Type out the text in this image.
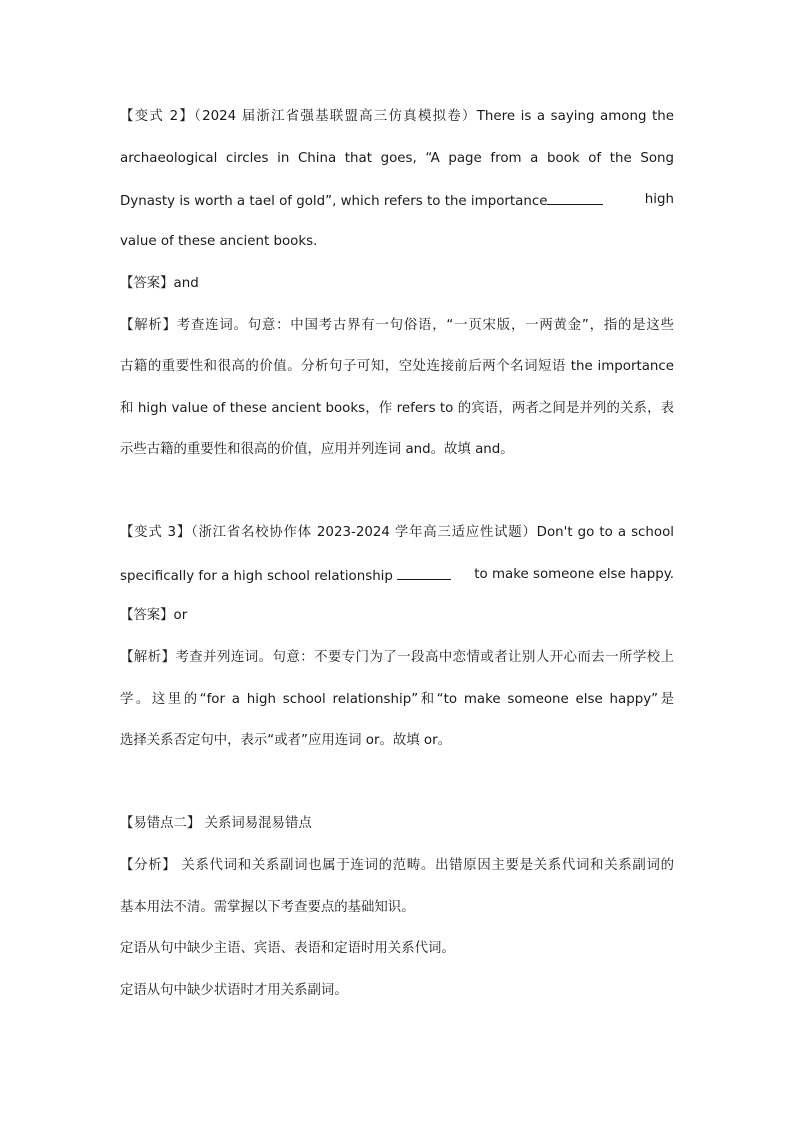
【变式 2】（2024 届浙江省强基联盟高三仿真模拟卷）There is a saying among the
archaeological circles in China that goes, “A page from a book of the Song
Dynasty is worth a tael of gold”, which refers to the importance	high
value of these ancient books.
【答案】and
【解析】考查连词。句意：中国考古界有一句俗语，“一页宋版，一两黄金”，指的是这些
古籍的重要性和很高的价值。分析句子可知，空处连接前后两个名词短语 the importance
和 high value of these ancient books，作 refers to 的宾语，两者之间是并列的关系，表
示些古籍的重要性和很高的价值，应用并列连词 and。故填 and。
【变式 3】（浙江省名校协作体 2023-2024 学年高三适应性试题）Don't go to a school
specifically for a high school relationship	to make someone else happy.
【答案】or
【解析】考查并列连词。句意：不要专门为了一段高中恋情或者让别人开心而去一所学校上
学。这里的“for a high school relationship”和“to make someone else happy”是
选择关系否定句中，表示“或者”应用连词 or。故填 or。
【易错点二】 关系词易混易错点
【分析】 关系代词和关系副词也属于连词的范畴。出错原因主要是关系代词和关系副词的
基本用法不清。需掌握以下考查要点的基础知识。
定语从句中缺少主语、宾语、表语和定语时用关系代词。
定语从句中缺少状语时才用关系副词。
